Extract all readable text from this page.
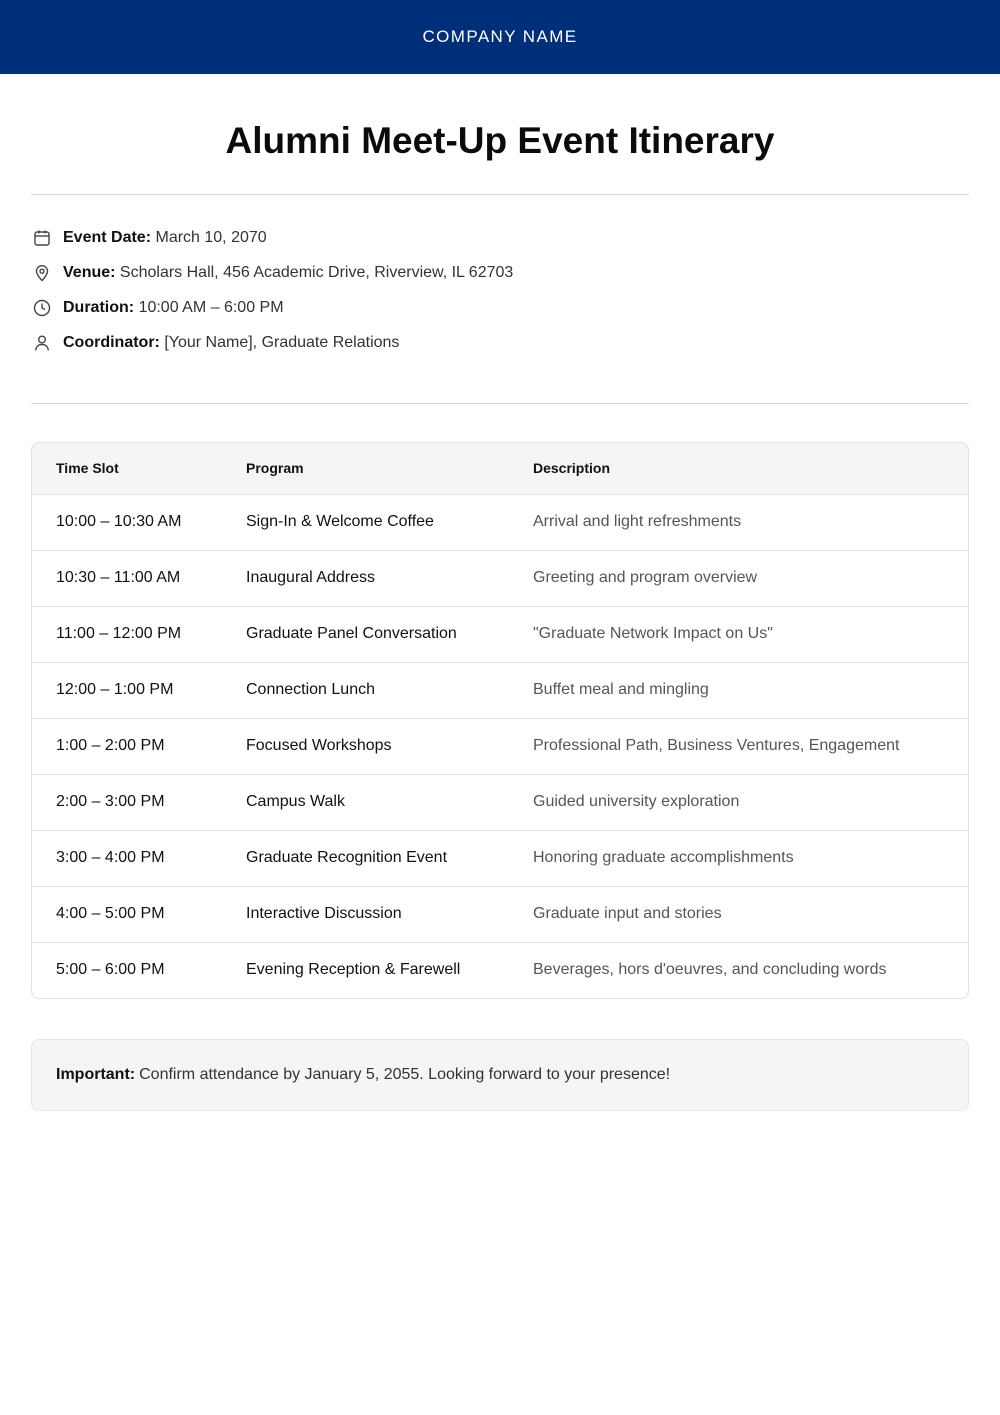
COMPANY NAME
Alumni Meet-Up Event Itinerary
Event Date: March 10, 2070
Venue: Scholars Hall, 456 Academic Drive, Riverview, IL 62703
Duration: 10:00 AM – 6:00 PM
Coordinator: [Your Name], Graduate Relations
Time Slot	Program	Description
10:00 – 10:30 AM	Sign-In & Welcome Coffee	Arrival and light refreshments
10:30 – 11:00 AM	Inaugural Address	Greeting and program overview
11:00 – 12:00 PM	Graduate Panel Conversation	"Graduate Network Impact on Us"
12:00 – 1:00 PM	Connection Lunch	Buffet meal and mingling
1:00 – 2:00 PM	Focused Workshops	Professional Path, Business Ventures, Engagement
2:00 – 3:00 PM	Campus Walk	Guided university exploration
3:00 – 4:00 PM	Graduate Recognition Event	Honoring graduate accomplishments
4:00 – 5:00 PM	Interactive Discussion	Graduate input and stories
5:00 – 6:00 PM	Evening Reception & Farewell	Beverages, hors d'oeuvres, and concluding words
Important: Confirm attendance by January 5, 2055. Looking forward to your presence!
